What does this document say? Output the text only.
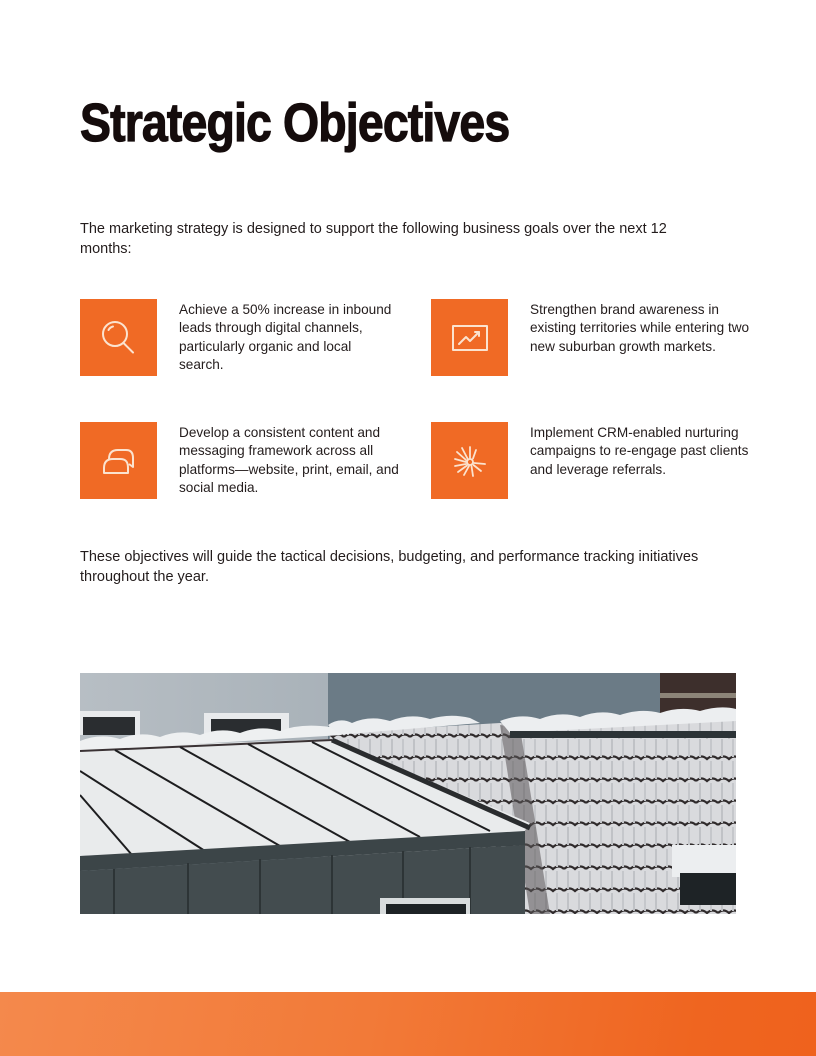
Strategic Objectives

The marketing strategy is designed to support the following business goals over the next 12 months:

Achieve a 50% increase in inbound leads through digital channels, particularly organic and local search.
Strengthen brand awareness in existing territories while entering two new suburban growth markets.
Develop a consistent content and messaging framework across all platforms—website, print, email, and social media.
Implement CRM-enabled nurturing campaigns to re-engage past clients and leverage referrals.

These objectives will guide the tactical decisions, budgeting, and performance tracking initiatives throughout the year.
